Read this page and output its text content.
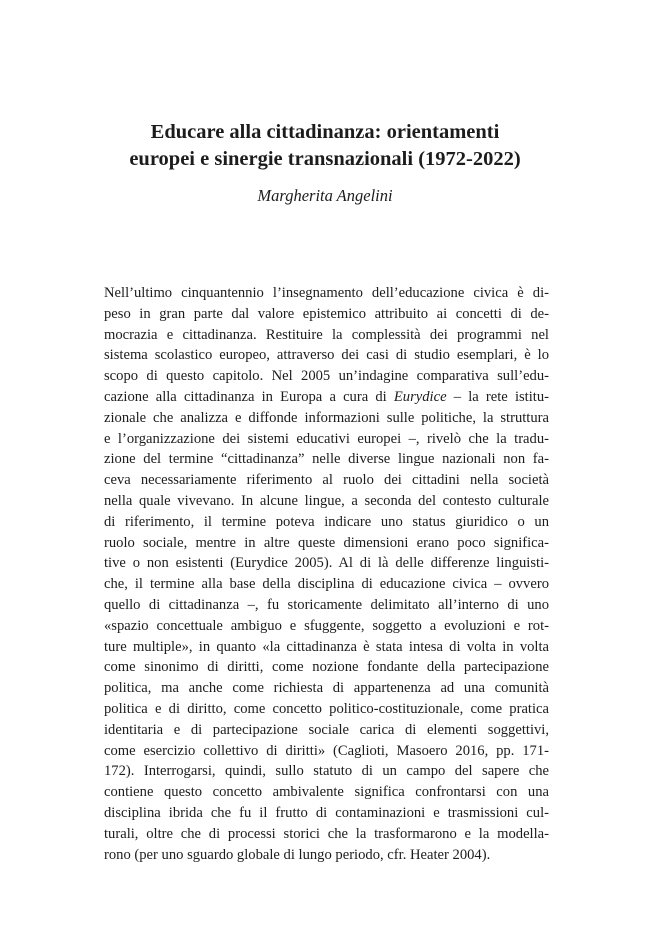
Educare alla cittadinanza: orientamenti
europei e sinergie transnazionali (1972-2022)
Margherita Angelini
Nell’ultimo cinquantennio l’insegnamento dell’educazione civica è di-
peso in gran parte dal valore epistemico attribuito ai concetti di de-
mocrazia e cittadinanza. Restituire la complessità dei programmi nel
sistema scolastico europeo, attraverso dei casi di studio esemplari, è lo
scopo di questo capitolo. Nel 2005 un’indagine comparativa sull’edu-
cazione alla cittadinanza in Europa a cura di Eurydice – la rete istitu-
zionale che analizza e diffonde informazioni sulle politiche, la struttura
e l’organizzazione dei sistemi educativi europei –, rivelò che la tradu-
zione del termine “cittadinanza” nelle diverse lingue nazionali non fa-
ceva necessariamente riferimento al ruolo dei cittadini nella società
nella quale vivevano. In alcune lingue, a seconda del contesto culturale
di riferimento, il termine poteva indicare uno status giuridico o un
ruolo sociale, mentre in altre queste dimensioni erano poco significa-
tive o non esistenti (Eurydice 2005). Al di là delle differenze linguisti-
che, il termine alla base della disciplina di educazione civica – ovvero
quello di cittadinanza –, fu storicamente delimitato all’interno di uno
«spazio concettuale ambiguo e sfuggente, soggetto a evoluzioni e rot-
ture multiple», in quanto «la cittadinanza è stata intesa di volta in volta
come sinonimo di diritti, come nozione fondante della partecipazione
politica, ma anche come richiesta di appartenenza ad una comunità
politica e di diritto, come concetto politico-costituzionale, come pratica
identitaria e di partecipazione sociale carica di elementi soggettivi,
come esercizio collettivo di diritti» (Caglioti, Masoero 2016, pp. 171-
172). Interrogarsi, quindi, sullo statuto di un campo del sapere che
contiene questo concetto ambivalente significa confrontarsi con una
disciplina ibrida che fu il frutto di contaminazioni e trasmissioni cul-
turali, oltre che di processi storici che la trasformarono e la modella-
rono (per uno sguardo globale di lungo periodo, cfr. Heater 2004).
